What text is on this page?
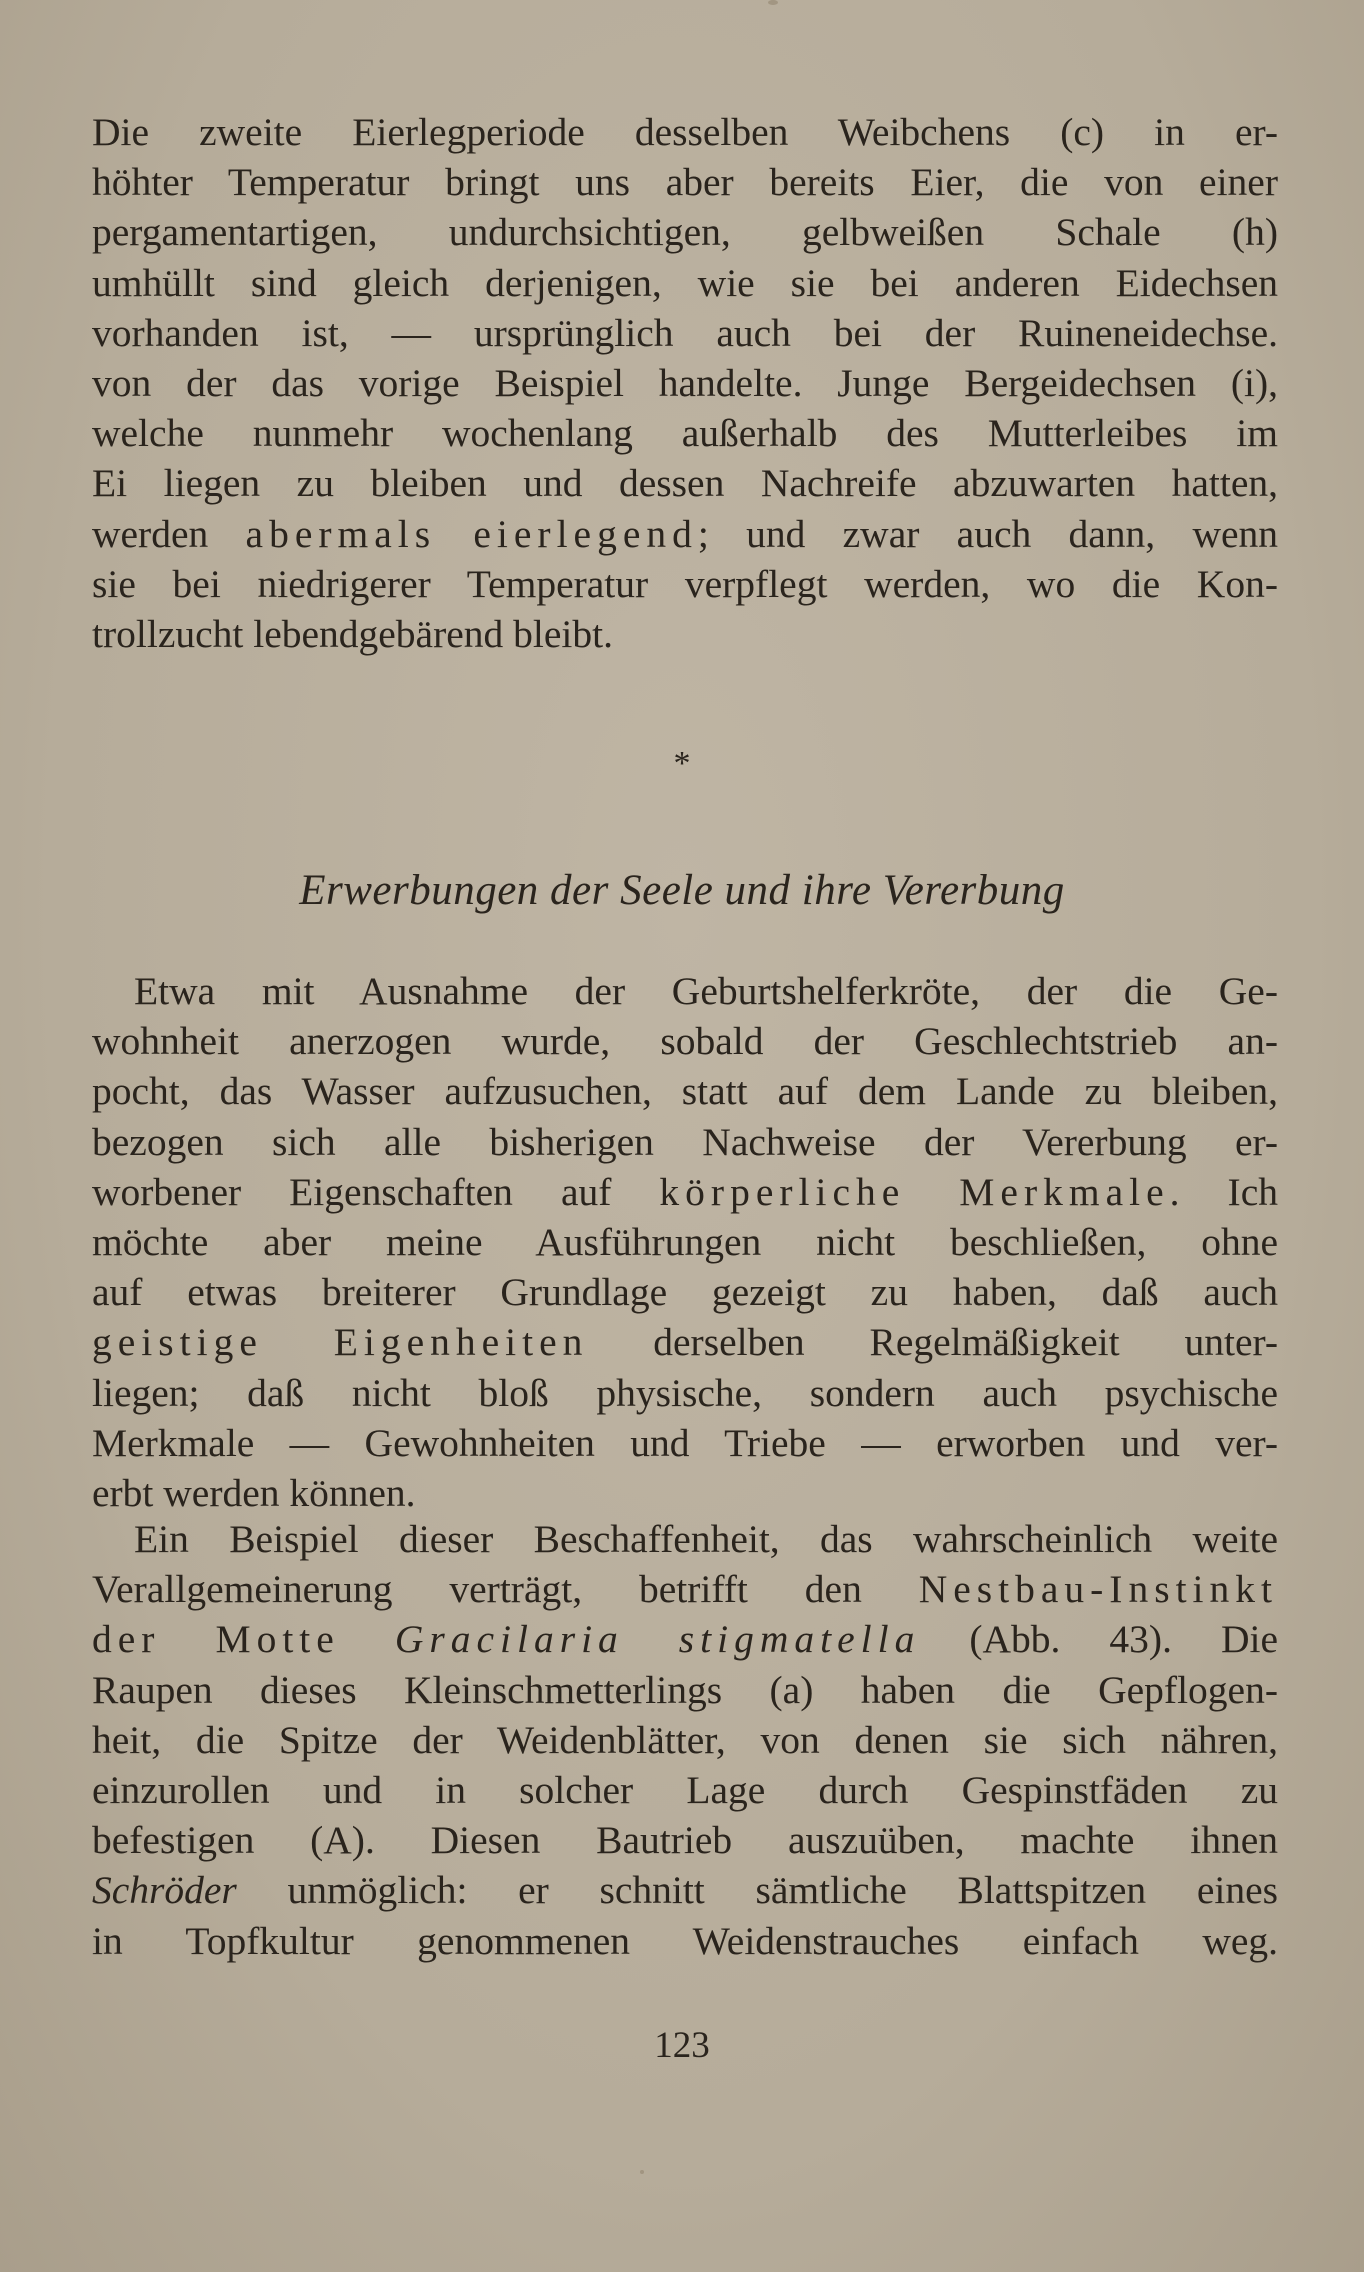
Die zweite Eierlegperiode desselben Weibchens (c) in er-
höhter Temperatur bringt uns aber bereits Eier, die von einer
pergamentartigen, undurchsichtigen, gelbweißen Schale (h)
umhüllt sind gleich derjenigen, wie sie bei anderen Eidechsen
vorhanden ist, — ursprünglich auch bei der Ruineneidechse.
von der das vorige Beispiel handelte. Junge Bergeidechsen (i),
welche nunmehr wochenlang außerhalb des Mutterleibes im
Ei liegen zu bleiben und dessen Nachreife abzuwarten hatten,
werden abermals eierlegend; und zwar auch dann, wenn
sie bei niedrigerer Temperatur verpflegt werden, wo die Kon-
trollzucht lebendgebärend bleibt.

*
Erwerbungen der Seele und ihre Vererbung

Etwa mit Ausnahme der Geburtshelferkröte, der die Ge-
wohnheit anerzogen wurde, sobald der Geschlechtstrieb an-
pocht, das Wasser aufzusuchen, statt auf dem Lande zu bleiben,
bezogen sich alle bisherigen Nachweise der Vererbung er-
worbener Eigenschaften auf körperliche Merkmale. Ich
möchte aber meine Ausführungen nicht beschließen, ohne
auf etwas breiterer Grundlage gezeigt zu haben, daß auch
geistige Eigenheiten derselben Regelmäßigkeit unter-
liegen; daß nicht bloß physische, sondern auch psychische
Merkmale — Gewohnheiten und Triebe — erworben und ver-
erbt werden können.

Ein Beispiel dieser Beschaffenheit, das wahrscheinlich weite
Verallgemeinerung verträgt, betrifft den Nestbau-Instinkt
der Motte Gracilaria stigmatella (Abb. 43). Die
Raupen dieses Kleinschmetterlings (a) haben die Gepflogen-
heit, die Spitze der Weidenblätter, von denen sie sich nähren,
einzurollen und in solcher Lage durch Gespinstfäden zu
befestigen (A). Diesen Bautrieb auszuüben, machte ihnen
Schröder unmöglich: er schnitt sämtliche Blattspitzen eines
in Topfkultur genommenen Weidenstrauches einfach weg.

123
